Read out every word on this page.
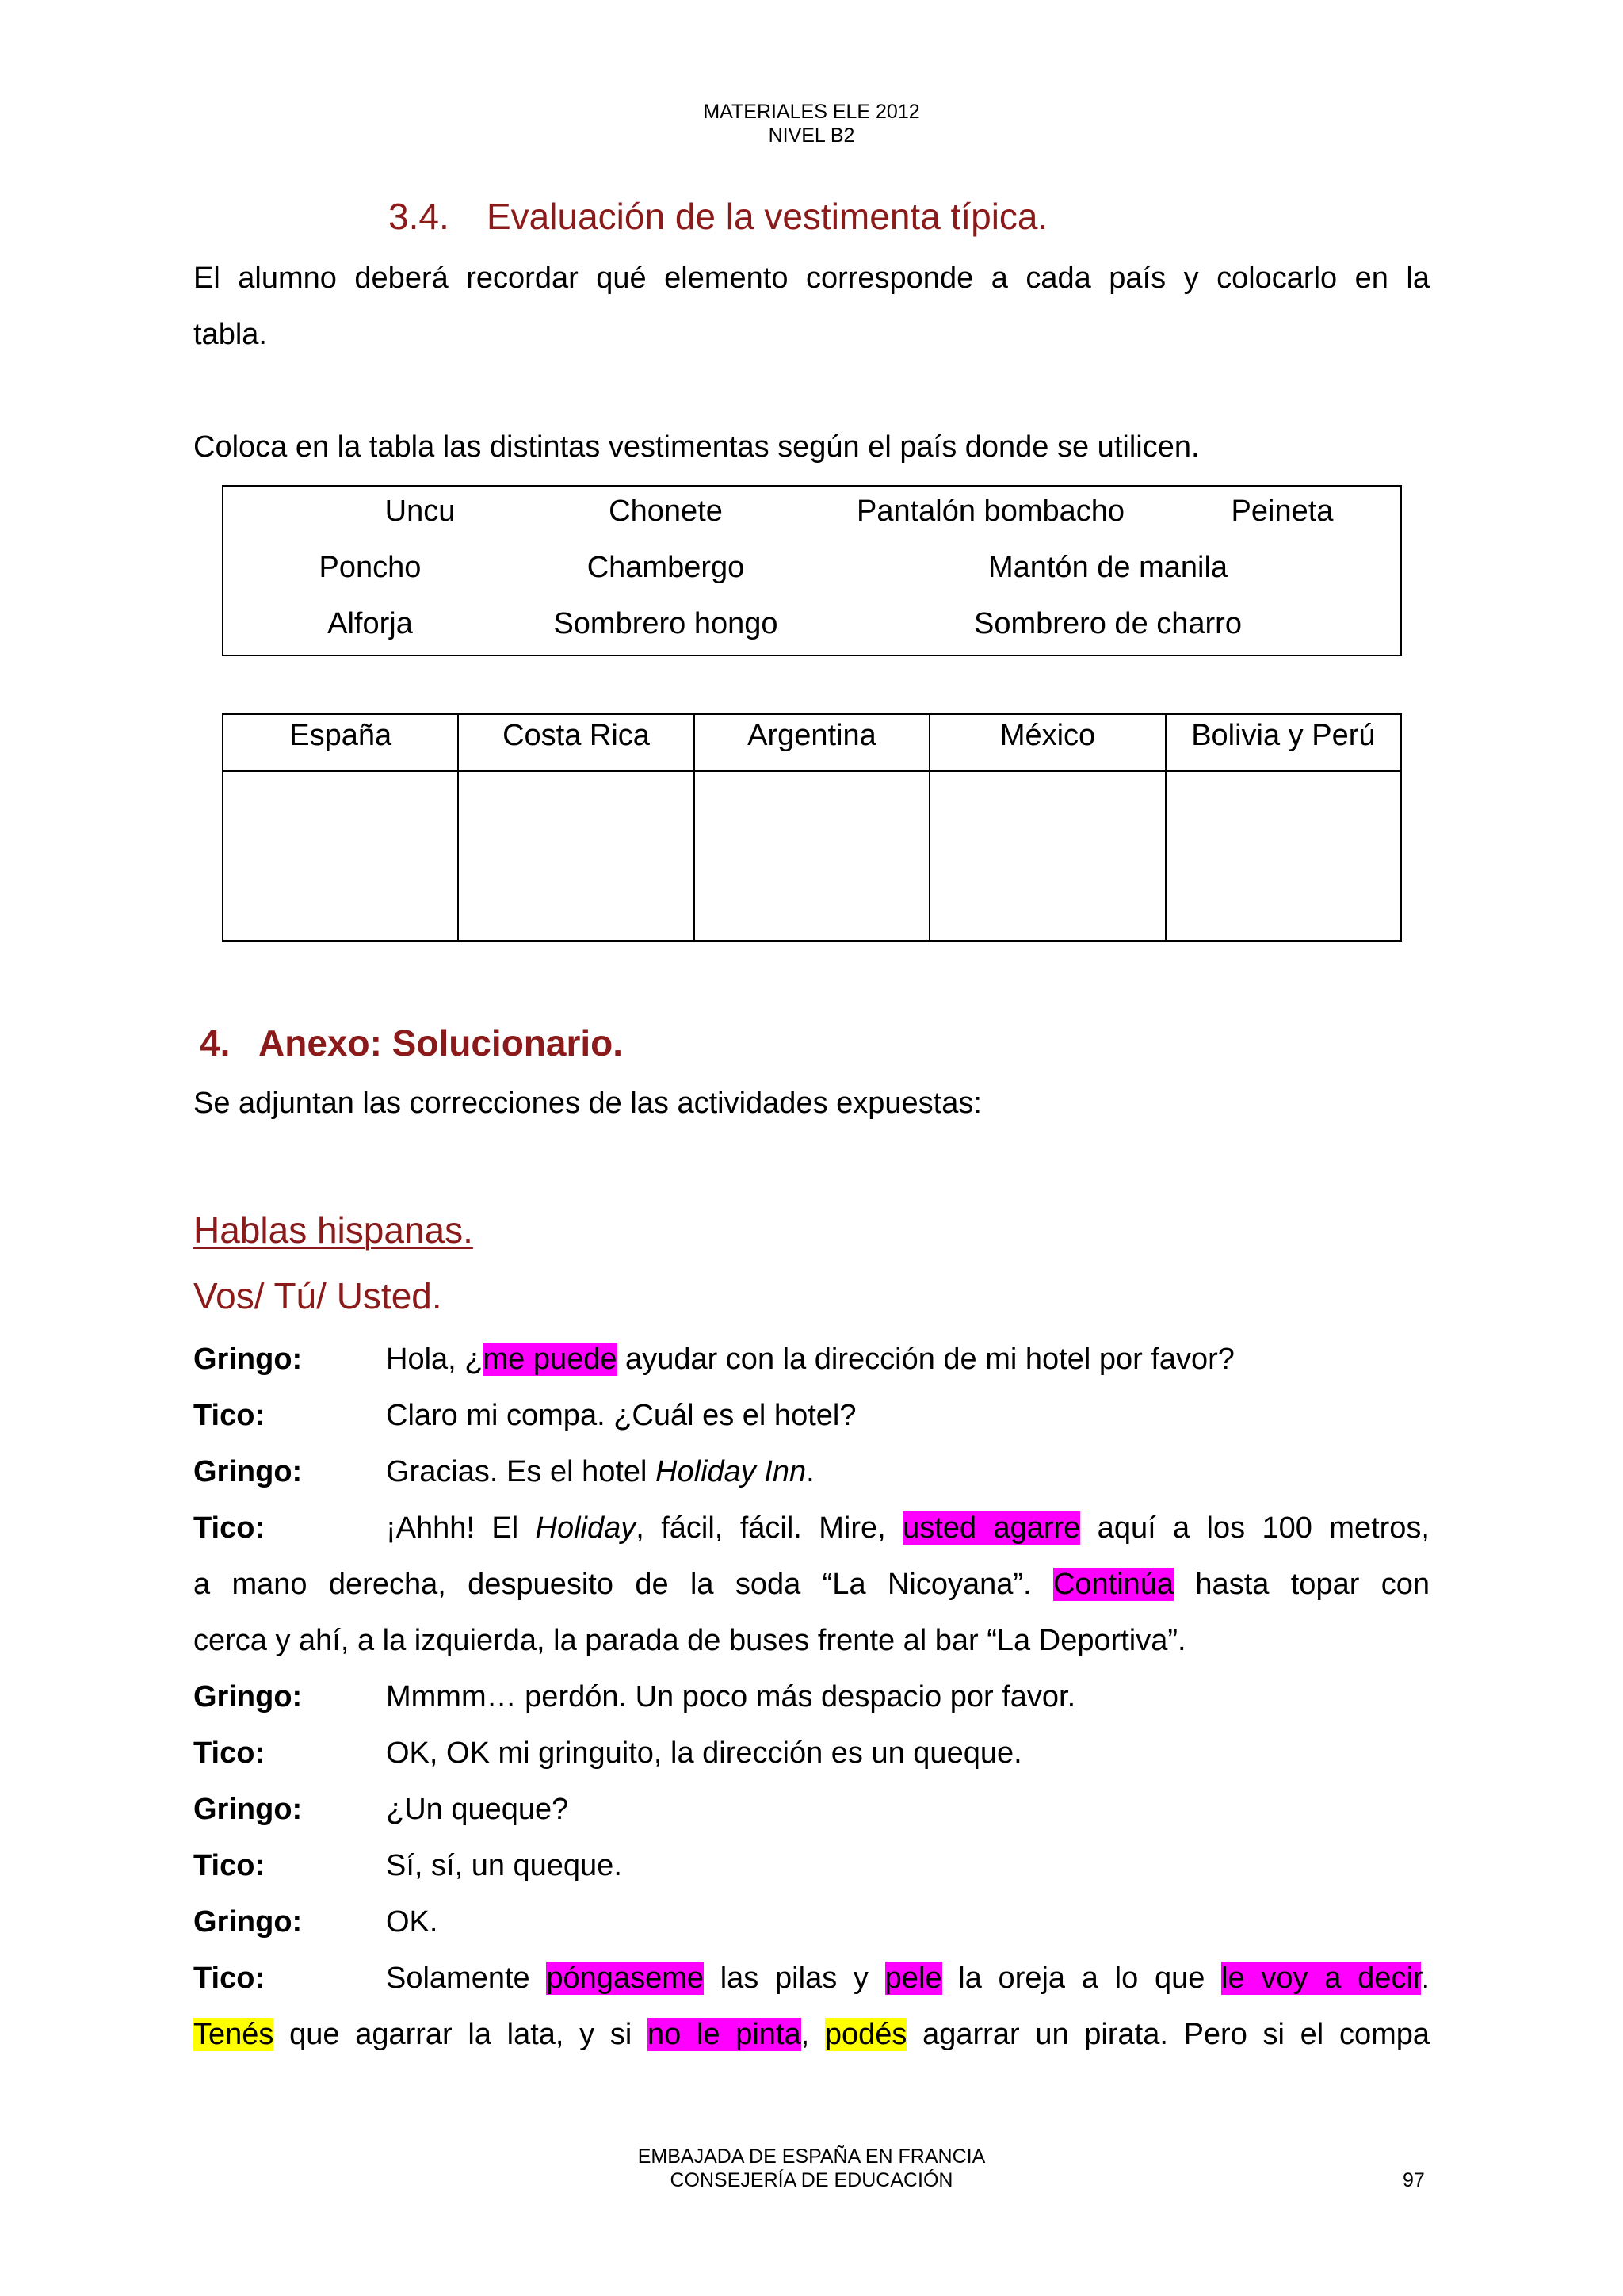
MATERIALES ELE 2012
NIVEL B2
3.4. Evaluación de la vestimenta típica.
El alumno deberá recordar qué elemento corresponde a cada país y colocarlo en la
tabla.
Coloca en la tabla las distintas vestimentas según el país donde se utilicen.
Uncu	Chonete	Pantalón bombacho	Peineta
Poncho	Chambergo	Mantón de manila
Alforja	Sombrero hongo	Sombrero de charro
España	Costa Rica	Argentina	México	Bolivia y Perú

4. Anexo: Solucionario.
Se adjuntan las correcciones de las actividades expuestas:
Hablas hispanas.
Vos/ Tú/ Usted.
Gringo:	Hola, ¿me puede ayudar con la dirección de mi hotel por favor?
Tico:	Claro mi compa. ¿Cuál es el hotel?
Gringo:	Gracias. Es el hotel Holiday Inn.
Tico:	¡Ahhh! El Holiday, fácil, fácil. Mire, usted agarre aquí a los 100 metros,
a mano derecha, despuesito de la soda “La Nicoyana”. Continúa hasta topar con
cerca y ahí, a la izquierda, la parada de buses frente al bar “La Deportiva”.
Gringo:	Mmmm… perdón. Un poco más despacio por favor.
Tico:	OK, OK mi gringuito, la dirección es un queque.
Gringo:	¿Un queque?
Tico:	Sí, sí, un queque.
Gringo:	OK.
Tico:	Solamente póngaseme las pilas y pele la oreja a lo que le voy a decir.
Tenés que agarrar la lata, y si no le pinta, podés agarrar un pirata. Pero si el compa
EMBAJADA DE ESPAÑA EN FRANCIA
CONSEJERÍA DE EDUCACIÓN	97
